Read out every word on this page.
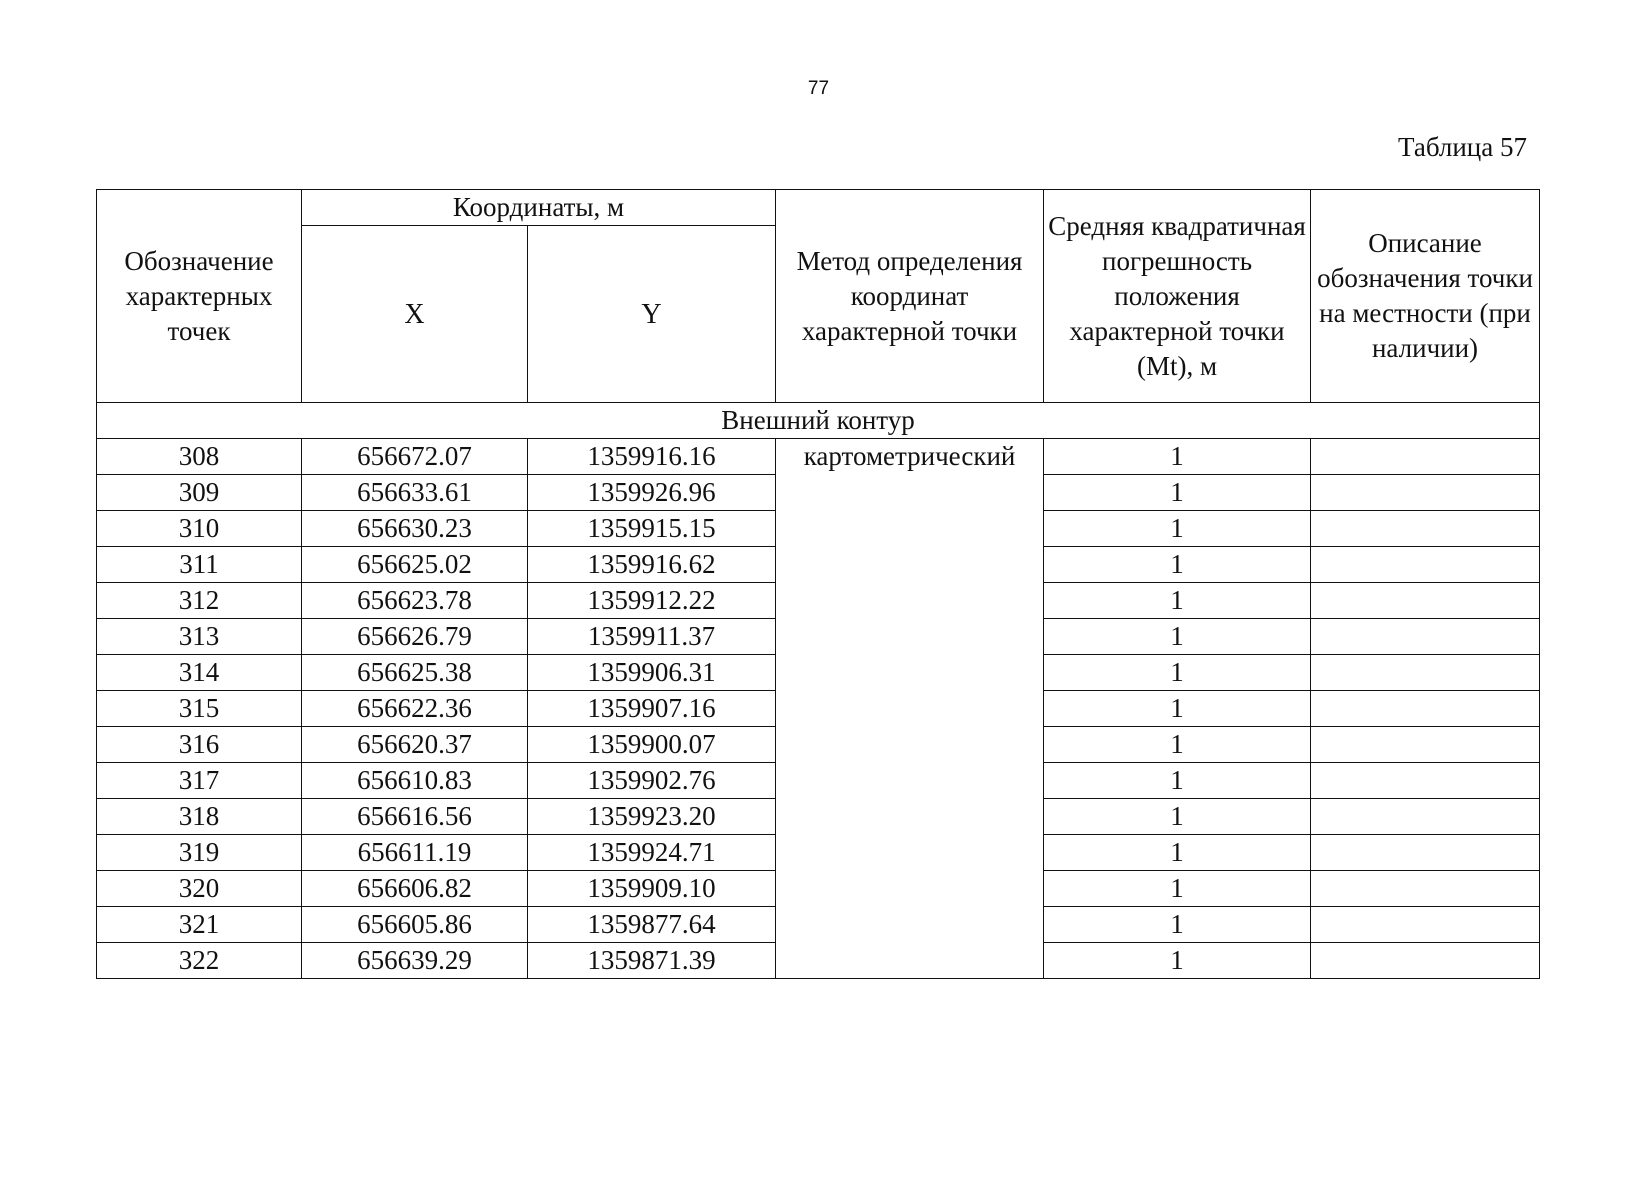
77
Таблица 57
Обозначение характерных точек	Координаты, м		Метод определения координат характерной точки	Средняя квадратичная погрешность положения характерной точки (Mt), м	Описание обозначения точки на местности (при наличии)
	X	Y			
Внешний контур					
308	656672.07	1359916.16	картометрический	1	
309	656633.61	1359926.96		1	
310	656630.23	1359915.15		1	
311	656625.02	1359916.62		1	
312	656623.78	1359912.22		1	
313	656626.79	1359911.37		1	
314	656625.38	1359906.31		1	
315	656622.36	1359907.16		1	
316	656620.37	1359900.07		1	
317	656610.83	1359902.76		1	
318	656616.56	1359923.20		1	
319	656611.19	1359924.71		1	
320	656606.82	1359909.10		1	
321	656605.86	1359877.64		1	
322	656639.29	1359871.39		1	
